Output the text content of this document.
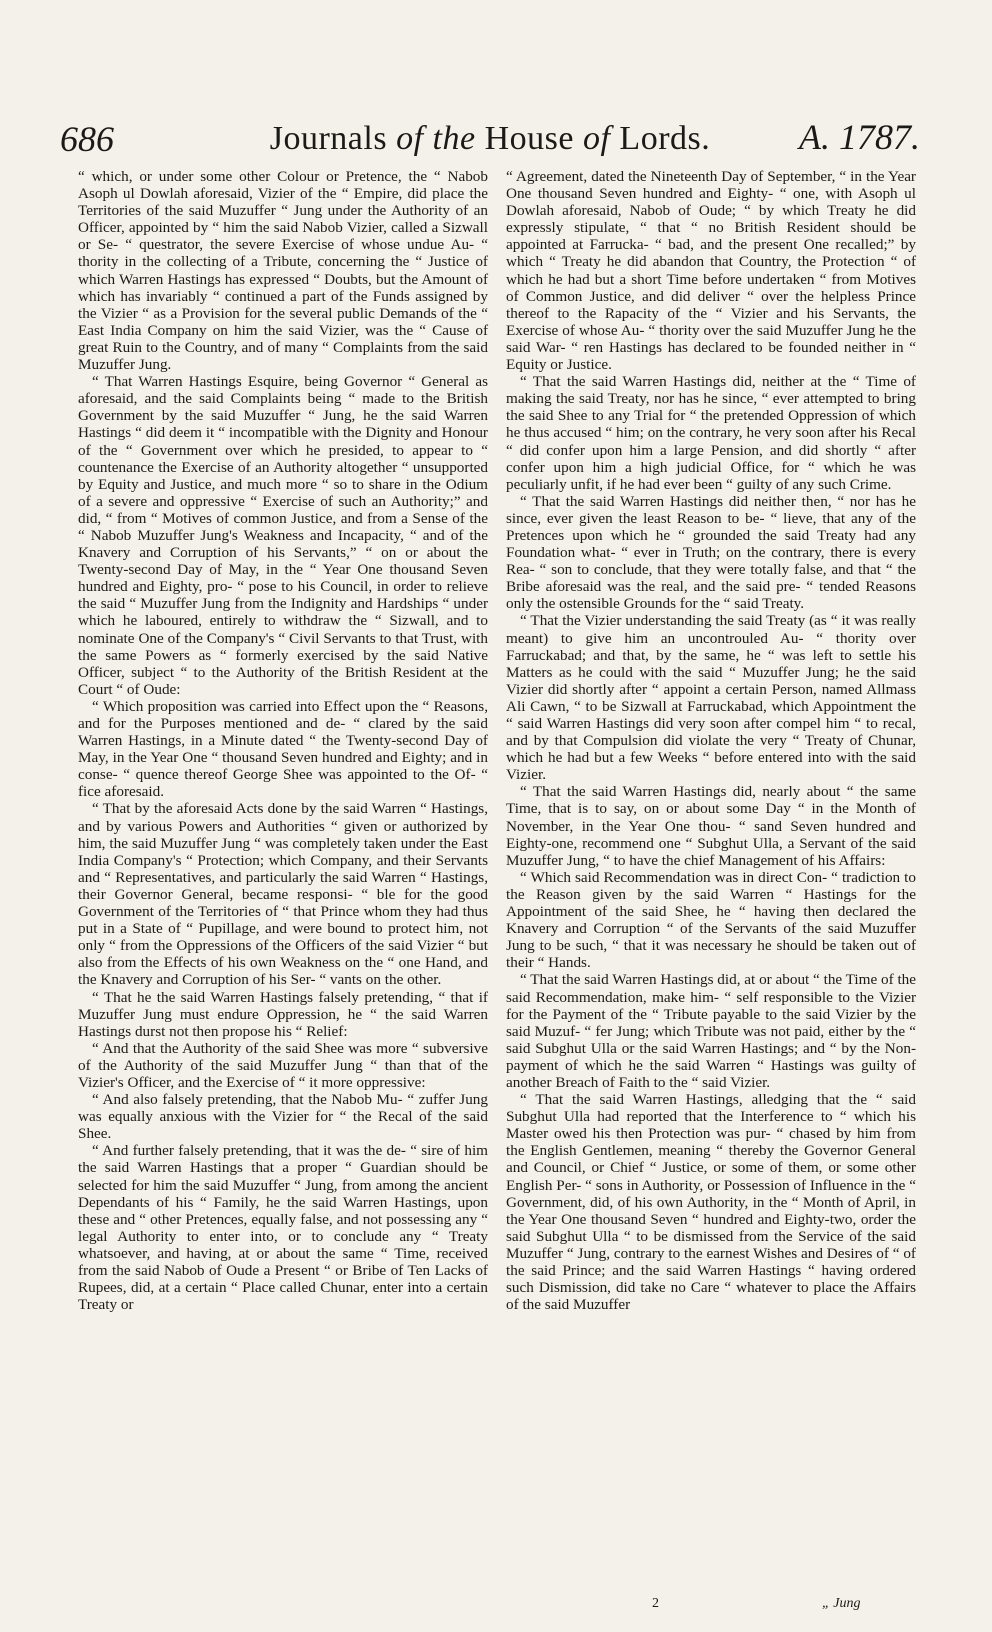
686	Journals of the House of Lords.	A. 1787.

“ which, or under some other Colour or Pretence, the “ Nabob Asoph ul Dowlah aforesaid, Vizier of the “ Empire, did place the Territories of the said Muzuffer “ Jung under the Authority of an Officer, appointed by “ him the said Nabob Vizier, called a Sizwall or Se- “ questrator, the severe Exercise of whose undue Au- “ thority in the collecting of a Tribute, concerning the “ Justice of which Warren Hastings has expressed “ Doubts, but the Amount of which has invariably “ continued a part of the Funds assigned by the Vizier “ as a Provision for the several public Demands of the “ East India Company on him the said Vizier, was the “ Cause of great Ruin to the Country, and of many “ Complaints from the said Muzuffer Jung.

“ That Warren Hastings Esquire, being Governor “ General as aforesaid, and the said Complaints being “ made to the British Government by the said Muzuffer “ Jung, he the said Warren Hastings “ did deem it “ incompatible with the Dignity and Honour of the “ Government over which he presided, to appear to “ countenance the Exercise of an Authority altogether “ unsupported by Equity and Justice, and much more “ so to share in the Odium of a severe and oppressive “ Exercise of such an Authority;” and did, “ from “ Motives of common Justice, and from a Sense of the “ Nabob Muzuffer Jung's Weakness and Incapacity, “ and of the Knavery and Corruption of his Servants,” “ on or about the Twenty-second Day of May, in the “ Year One thousand Seven hundred and Eighty, pro- “ pose to his Council, in order to relieve the said “ Muzuffer Jung from the Indignity and Hardships “ under which he laboured, entirely to withdraw the “ Sizwall, and to nominate One of the Company's “ Civil Servants to that Trust, with the same Powers as “ formerly exercised by the said Native Officer, subject “ to the Authority of the British Resident at the Court “ of Oude:

“ Which proposition was carried into Effect upon the “ Reasons, and for the Purposes mentioned and de- “ clared by the said Warren Hastings, in a Minute dated “ the Twenty-second Day of May, in the Year One “ thousand Seven hundred and Eighty; and in conse- “ quence thereof George Shee was appointed to the Of- “ fice aforesaid.

“ That by the aforesaid Acts done by the said Warren “ Hastings, and by various Powers and Authorities “ given or authorized by him, the said Muzuffer Jung “ was completely taken under the East India Company's “ Protection; which Company, and their Servants and “ Representatives, and particularly the said Warren “ Hastings, their Governor General, became responsi- “ ble for the good Government of the Territories of “ that Prince whom they had thus put in a State of “ Pupillage, and were bound to protect him, not only “ from the Oppressions of the Officers of the said Vizier “ but also from the Effects of his own Weakness on the “ one Hand, and the Knavery and Corruption of his Ser- “ vants on the other.

“ That he the said Warren Hastings falsely pretending, “ that if Muzuffer Jung must endure Oppression, he “ the said Warren Hastings durst not then propose his “ Relief:

“ And that the Authority of the said Shee was more “ subversive of the Authority of the said Muzuffer Jung “ than that of the Vizier's Officer, and the Exercise of “ it more oppressive:

“ And also falsely pretending, that the Nabob Mu- “ zuffer Jung was equally anxious with the Vizier for “ the Recal of the said Shee.

“ And further falsely pretending, that it was the de- “ sire of him the said Warren Hastings that a proper “ Guardian should be selected for him the said Muzuffer “ Jung, from among the ancient Dependants of his “ Family, he the said Warren Hastings, upon these and “ other Pretences, equally false, and not possessing any “ legal Authority to enter into, or to conclude any “ Treaty whatsoever, and having, at or about the same “ Time, received from the said Nabob of Oude a Present “ or Bribe of Ten Lacks of Rupees, did, at a certain “ Place called Chunar, enter into a certain Treaty or

“ Agreement, dated the Nineteenth Day of September, “ in the Year One thousand Seven hundred and Eighty- “ one, with Asoph ul Dowlah aforesaid, Nabob of Oude; “ by which Treaty he did expressly stipulate, “ that “ no British Resident should be appointed at Farrucka- “ bad, and the present One recalled;” by which “ Treaty he did abandon that Country, the Protection “ of which he had but a short Time before undertaken “ from Motives of Common Justice, and did deliver “ over the helpless Prince thereof to the Rapacity of the “ Vizier and his Servants, the Exercise of whose Au- “ thority over the said Muzuffer Jung he the said War- “ ren Hastings has declared to be founded neither in “ Equity or Justice.

“ That the said Warren Hastings did, neither at the “ Time of making the said Treaty, nor has he since, “ ever attempted to bring the said Shee to any Trial for “ the pretended Oppression of which he thus accused “ him; on the contrary, he very soon after his Recal “ did confer upon him a large Pension, and did shortly “ after confer upon him a high judicial Office, for “ which he was peculiarly unfit, if he had ever been “ guilty of any such Crime.

“ That the said Warren Hastings did neither then, “ nor has he since, ever given the least Reason to be- “ lieve, that any of the Pretences upon which he “ grounded the said Treaty had any Foundation what- “ ever in Truth; on the contrary, there is every Rea- “ son to conclude, that they were totally false, and that “ the Bribe aforesaid was the real, and the said pre- “ tended Reasons only the ostensible Grounds for the “ said Treaty.

“ That the Vizier understanding the said Treaty (as “ it was really meant) to give him an uncontrouled Au- “ thority over Farruckabad; and that, by the same, he “ was left to settle his Matters as he could with the said “ Muzuffer Jung; he the said Vizier did shortly after “ appoint a certain Person, named Allmass Ali Cawn, “ to be Sizwall at Farruckabad, which Appointment the “ said Warren Hastings did very soon after compel him “ to recal, and by that Compulsion did violate the very “ Treaty of Chunar, which he had but a few Weeks “ before entered into with the said Vizier.

“ That the said Warren Hastings did, nearly about “ the same Time, that is to say, on or about some Day “ in the Month of November, in the Year One thou- “ sand Seven hundred and Eighty-one, recommend one “ Subghut Ulla, a Servant of the said Muzuffer Jung, “ to have the chief Management of his Affairs:

“ Which said Recommendation was in direct Con- “ tradiction to the Reason given by the said Warren “ Hastings for the Appointment of the said Shee, he “ having then declared the Knavery and Corruption “ of the Servants of the said Muzuffer Jung to be such, “ that it was necessary he should be taken out of their “ Hands.

“ That the said Warren Hastings did, at or about “ the Time of the said Recommendation, make him- “ self responsible to the Vizier for the Payment of the “ Tribute payable to the said Vizier by the said Muzuf- “ fer Jung; which Tribute was not paid, either by the “ said Subghut Ulla or the said Warren Hastings; and “ by the Non-payment of which he the said Warren “ Hastings was guilty of another Breach of Faith to the “ said Vizier.

“ That the said Warren Hastings, alledging that the “ said Subghut Ulla had reported that the Interference to “ which his Master owed his then Protection was pur- “ chased by him from the English Gentlemen, meaning “ thereby the Governor General and Council, or Chief “ Justice, or some of them, or some other English Per- “ sons in Authority, or Possession of Influence in the “ Government, did, of his own Authority, in the “ Month of April, in the Year One thousand Seven “ hundred and Eighty-two, order the said Subghut Ulla “ to be dismissed from the Service of the said Muzuffer “ Jung, contrary to the earnest Wishes and Desires of “ of the said Prince; and the said Warren Hastings “ having ordered such Dismission, did take no Care “ whatever to place the Affairs of the said Muzuffer

2	„ Jung
